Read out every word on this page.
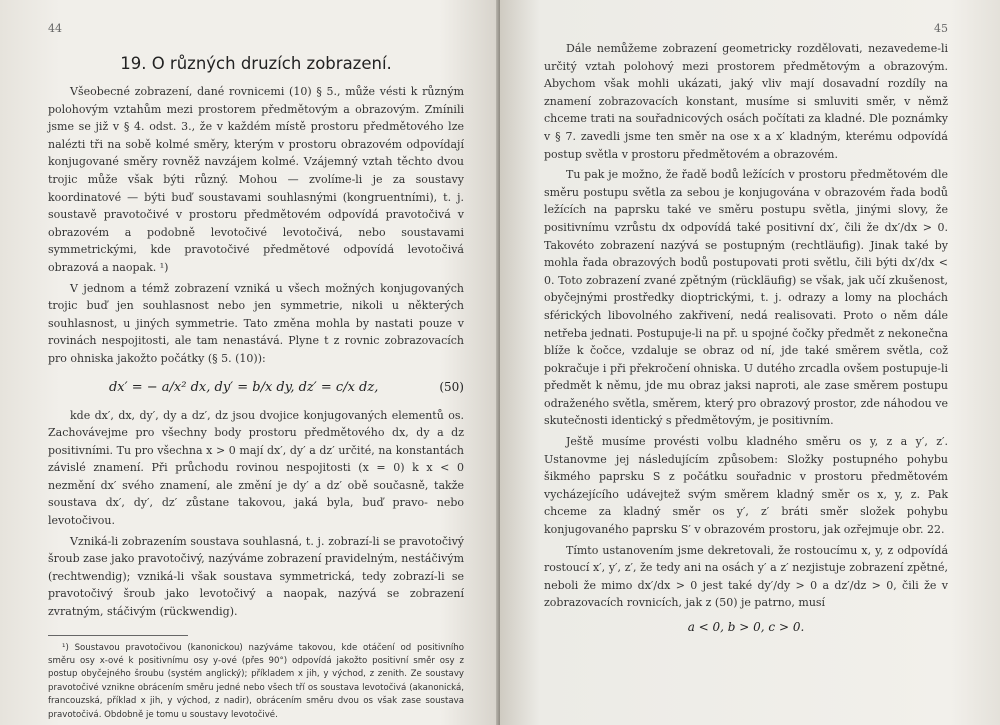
44
19. O různých druzích zobrazení.

Všeobecné zobrazení, dané rovnicemi (10) § 5., může vésti k různým polohovým vztahům mezi prostorem předmětovým a obrazovým. Zmínili jsme se již v § 4. odst. 3., že v každém místě prostoru předmětového lze nalézti tři na sobě kolmé směry, kterým v prostoru obrazovém odpovídají konjugované směry rovněž navzájem kolmé. Vzájemný vztah těchto dvou trojic může však býti různý. Mohou — zvolíme-li je za soustavy koordinatové — býti buď soustavami souhlasnými (kongruentními), t. j. soustavě pravotočivé v prostoru předmětovém odpovídá pravotočivá v obrazovém a podobně levotočivé levotočivá, nebo soustavami symmetrickými, kde pravotočivé předmětové odpovídá levotočivá obrazová a naopak. ¹)

V jednom a témž zobrazení vzniká u všech možných konjugovaných trojic buď jen souhlasnost nebo jen symmetrie, nikoli u některých souhlasnost, u jiných symmetrie. Tato změna mohla by nastati pouze v rovinách nespojitosti, ale tam nenastává. Plyne t z rovnic zobrazovacích pro ohniska jakožto počátky (§ 5. (10)):

dx′ = − a/x² dx, dy′ = b/x dy, dz′ = c/x dz,	(50)

kde dx′, dx, dy′, dy a dz′, dz jsou dvojice konjugovaných elementů os. Zachovávejme pro všechny body prostoru předmětového dx, dy a dz positivními. Tu pro všechna x > 0 mají dx′, dy′ a dz′ určité, na konstantách závislé znamení. Při průchodu rovinou nespojitosti (x = 0) k x < 0 nezmění dx′ svého znamení, ale změní je dy′ a dz′ obě současně, takže soustava dx′, dy′, dz′ zůstane takovou, jaká byla, buď pravo- nebo levotočivou.

Vzniká-li zobrazením soustava souhlasná, t. j. zobrazí-li se pravotočivý šroub zase jako pravotočivý, nazýváme zobrazení pravidelným, nestáčivým (rechtwendig); vzniká-li však soustava symmetrická, tedy zobrazí-li se pravotočivý šroub jako levotočivý a naopak, nazývá se zobrazení zvratným, stáčivým (rückwendig).

¹) Soustavou pravotočivou (kanonickou) nazýváme takovou, kde otáčení od positivního směru osy x-ové k positivnímu osy y-ové (přes 90°) odpovídá jakožto positivní směr osy z postup obyčejného šroubu (systém anglický); příkladem x jih, y východ, z zenith. Ze soustavy pravotočivé vznikne obrácením směru jedné nebo všech tří os soustava levotočivá (akanonická, francouzská, příklad x jih, y východ, z nadir), obrácením směru dvou os však zase soustava pravotočivá. Obdobně je tomu u soustavy levotočivé.
45

Dále nemůžeme zobrazení geometricky rozdělovati, nezavedeme-li určitý vztah polohový mezi prostorem předmětovým a obrazovým. Abychom však mohli ukázati, jaký vliv mají dosavadní rozdíly na znamení zobrazovacích konstant, musíme si smluviti směr, v němž chceme trati na souřadnicových osách počítati za kladné. Dle poznámky v § 7. zavedli jsme ten směr na ose x a x′ kladným, kterému odpovídá postup světla v prostoru předmětovém a obrazovém.

Tu pak je možno, že řadě bodů ležících v prostoru předmětovém dle směru postupu světla za sebou je konjugována v obrazovém řada bodů ležících na paprsku také ve směru postupu světla, jinými slovy, že positivnímu vzrůstu dx odpovídá také positivní dx′, čili že dx′/dx > 0. Takovéto zobrazení nazývá se postupným (rechtläufig). Jinak také by mohla řada obrazových bodů postupovati proti světlu, čili býti dx′/dx < 0. Toto zobrazení zvané zpětným (rückläufig) se však, jak učí zkušenost, obyčejnými prostředky dioptrickými, t. j. odrazy a lomy na plochách sférických libovolného zakřivení, nedá realisovati. Proto o něm dále netřeba jednati. Postupuje-li na př. u spojné čočky předmět z nekonečna blíže k čočce, vzdaluje se obraz od ní, jde také směrem světla, což pokračuje i při překročení ohniska. U dutého zrcadla ovšem postupuje-li předmět k němu, jde mu obraz jaksi naproti, ale zase směrem postupu odraženého světla, směrem, který pro obrazový prostor, zde náhodou ve skutečnosti identický s předmětovým, je positivním.

Ještě musíme provésti volbu kladného směru os y, z a y′, z′. Ustanovme jej následujícím způsobem: Složky postupného pohybu šikmého paprsku S z počátku souřadnic v prostoru předmětovém vycházejícího udávejtež svým směrem kladný směr os x, y, z. Pak chceme za kladný směr os y′, z′ bráti směr složek pohybu konjugovaného paprsku S′ v obrazovém prostoru, jak ozřejmuje obr. 22.

Tímto ustanovením jsme dekretovali, že rostoucímu x, y, z odpovídá rostoucí x′, y′, z′, že tedy ani na osách y′ a z′ nezjistuje zobrazení zpětné, neboli že mimo dx′/dx > 0 jest také dy′/dy > 0 a dz′/dz > 0, čili že v zobrazovacích rovnicích, jak z (50) je patrno, musí

a < 0, b > 0, c > 0.
